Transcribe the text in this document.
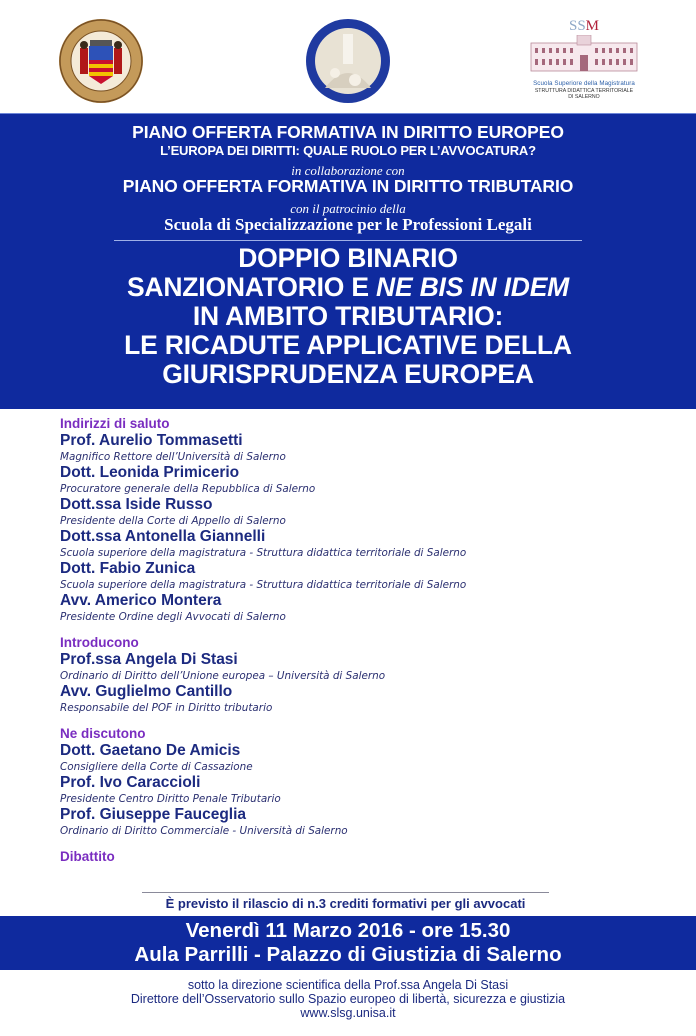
SSM
Scuola Superiore della Magistratura
STRUTTURA DIDATTICA TERRITORIALE
DI SALERNO
PIANO OFFERTA FORMATIVA IN DIRITTO EUROPEO
L’EUROPA DEI DIRITTI: QUALE RUOLO PER L’AVVOCATURA?
in collaborazione con
PIANO OFFERTA FORMATIVA IN DIRITTO TRIBUTARIO
con il patrocinio della
Scuola di Specializzazione per le Professioni Legali
DOPPIO BINARIO
SANZIONATORIO E NE BIS IN IDEM
IN AMBITO TRIBUTARIO:
LE RICADUTE APPLICATIVE DELLA
GIURISPRUDENZA EUROPEA
Indirizzi di saluto
Prof. Aurelio Tommasetti
Magnifico Rettore dell’Università di Salerno
Dott. Leonida Primicerio
Procuratore generale della Repubblica di Salerno
Dott.ssa Iside Russo
Presidente della Corte di Appello di Salerno
Dott.ssa Antonella Giannelli
Scuola superiore della magistratura - Struttura didattica territoriale di Salerno
Dott. Fabio Zunica
Scuola superiore della magistratura - Struttura didattica territoriale di Salerno
Avv. Americo Montera
Presidente Ordine degli Avvocati di Salerno
Introducono
Prof.ssa Angela Di Stasi
Ordinario di Diritto dell’Unione europea – Università di Salerno
Avv. Guglielmo Cantillo
Responsabile del POF in Diritto tributario
Ne discutono
Dott. Gaetano De Amicis
Consigliere della Corte di Cassazione
Prof. Ivo Caraccioli
Presidente Centro Diritto Penale Tributario
Prof. Giuseppe Fauceglia
Ordinario di Diritto Commerciale - Università di Salerno
Dibattito
È previsto il rilascio di n.3 crediti formativi per gli avvocati
Venerdì 11 Marzo 2016 - ore 15.30
Aula Parrilli - Palazzo di Giustizia di Salerno
sotto la direzione scientifica della Prof.ssa Angela Di Stasi
Direttore dell’Osservatorio sullo Spazio europeo di libertà, sicurezza e giustizia
www.slsg.unisa.it
